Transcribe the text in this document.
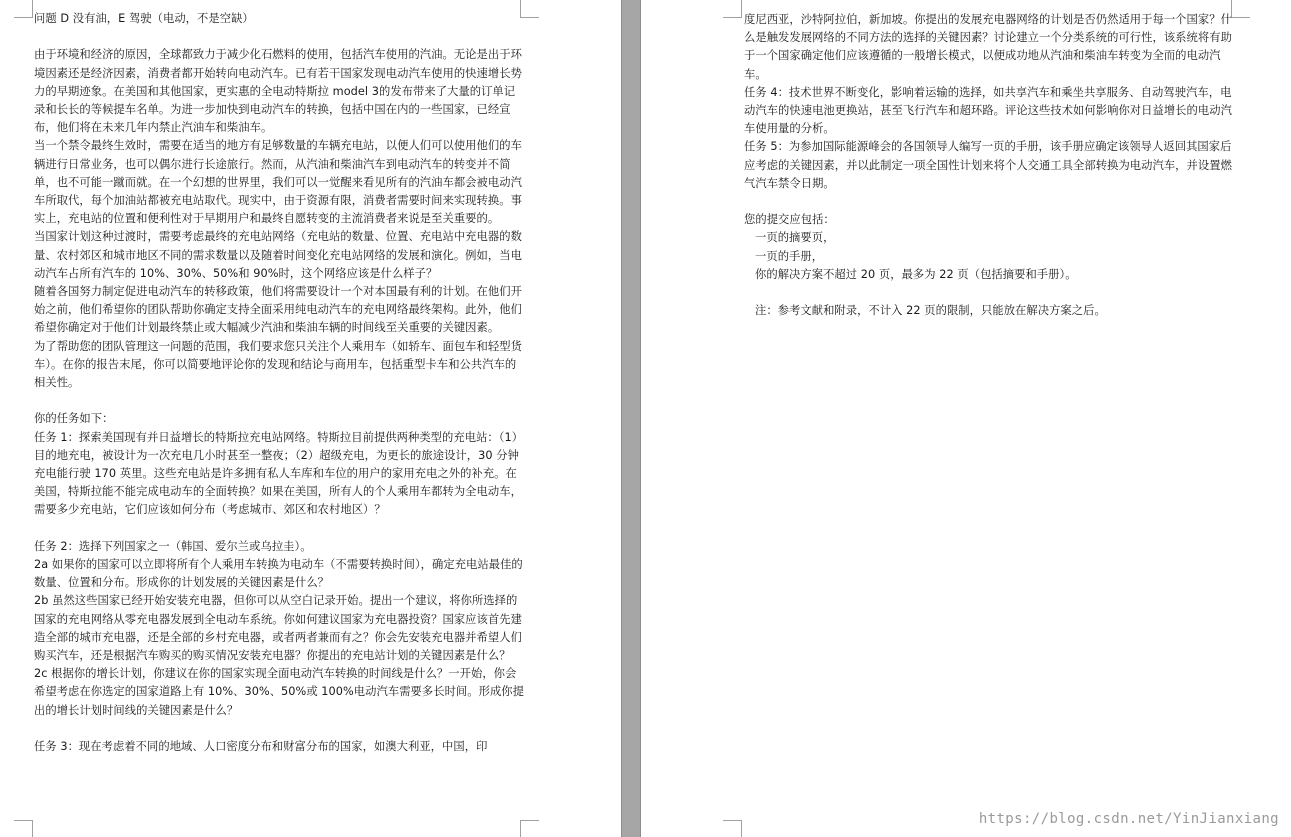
问题 D 没有油，E 驾驶（电动，不是空缺）

由于环境和经济的原因，全球都致力于减少化石燃料的使用，包括汽车使用的汽油。无论是出于环境因素还是经济因素，消费者都开始转向电动汽车。已有若干国家发现电动汽车使用的快速增长势力的早期迹象。在美国和其他国家，更实惠的全电动特斯拉 model 3的发布带来了大量的订单记录和长长的等候提车名单。为进一步加快到电动汽车的转换，包括中国在内的一些国家，已经宣布，他们将在未来几年内禁止汽油车和柴油车。

当一个禁令最终生效时，需要在适当的地方有足够数量的车辆充电站，以便人们可以使用他们的车辆进行日常业务，也可以偶尔进行长途旅行。然而，从汽油和柴油汽车到电动汽车的转变并不简单，也不可能一蹴而就。在一个幻想的世界里，我们可以一觉醒来看见所有的汽油车都会被电动汽车所取代，每个加油站都被充电站取代。现实中，由于资源有限，消费者需要时间来实现转换。事实上，充电站的位置和便利性对于早期用户和最终自愿转变的主流消费者来说是至关重要的。

当国家计划这种过渡时，需要考虑最终的充电站网络（充电站的数量、位置、充电站中充电器的数量、农村郊区和城市地区不同的需求数量以及随着时间变化充电站网络的发展和演化。例如，当电动汽车占所有汽车的 10%、30%、50%和 90%时，这个网络应该是什么样子？

随着各国努力制定促进电动汽车的转移政策，他们将需要设计一个对本国最有利的计划。在他们开始之前，他们希望你的团队帮助你确定支持全面采用纯电动汽车的充电网络最终架构。此外，他们希望你确定对于他们计划最终禁止或大幅减少汽油和柴油车辆的时间线至关重要的关键因素。

为了帮助您的团队管理这一问题的范围，我们要求您只关注个人乘用车（如轿车、面包车和轻型货车）。在你的报告末尾，你可以简要地评论你的发现和结论与商用车，包括重型卡车和公共汽车的相关性。

你的任务如下：

任务 1：探索美国现有并日益增长的特斯拉充电站网络。特斯拉目前提供两种类型的充电站：（1）目的地充电，被设计为一次充电几小时甚至一整夜；（2）超级充电，为更长的旅途设计，30 分钟充电能行驶 170 英里。这些充电站是许多拥有私人车库和车位的用户的家用充电之外的补充。在美国，特斯拉能不能完成电动车的全面转换？如果在美国，所有人的个人乘用车都转为全电动车，需要多少充电站，它们应该如何分布（考虑城市、郊区和农村地区）？

任务 2：选择下列国家之一（韩国、爱尔兰或乌拉圭）。

2a 如果你的国家可以立即将所有个人乘用车转换为电动车（不需要转换时间），确定充电站最佳的数量、位置和分布。形成你的计划发展的关键因素是什么？

2b 虽然这些国家已经开始安装充电器，但你可以从空白记录开始。提出一个建议，将你所选择的国家的充电网络从零充电器发展到全电动车系统。你如何建议国家为充电器投资？国家应该首先建造全部的城市充电器，还是全部的乡村充电器，或者两者兼而有之？你会先安装充电器并希望人们购买汽车，还是根据汽车购买的购买情况安装充电器？你提出的充电站计划的关键因素是什么？

2c 根据你的增长计划，你建议在你的国家实现全面电动汽车转换的时间线是什么？一开始，你会希望考虑在你选定的国家道路上有 10%、30%、50%或 100%电动汽车需要多长时间。形成你提出的增长计划时间线的关键因素是什么？

任务 3：现在考虑着不同的地域、人口密度分布和财富分布的国家，如澳大利亚，中国，印

度尼西亚，沙特阿拉伯，新加坡。你提出的发展充电器网络的计划是否仍然适用于每一个国家？什么是触发发展网络的不同方法的选择的关键因素？讨论建立一个分类系统的可行性，该系统将有助于一个国家确定他们应该遵循的一般增长模式，以便成功地从汽油和柴油车转变为全而的电动汽车。

任务 4：技术世界不断变化，影响着运输的选择，如共享汽车和乘坐共享服务、自动驾驶汽车，电动汽车的快速电池更换站，甚至飞行汽车和超环路。评论这些技术如何影响你对日益增长的电动汽车使用量的分析。

任务 5：为参加国际能源峰会的各国领导人编写一页的手册，该手册应确定该领导人返回其国家后应考虑的关键因素，并以此制定一项全国性计划来将个人交通工具全部转换为电动汽车，并设置燃气汽车禁令日期。

您的提交应包括：

一页的摘要页，

一页的手册，

你的解决方案不超过 20 页，最多为 22 页（包括摘要和手册）。

注：参考文献和附录，不计入 22 页的限制，只能放在解决方案之后。

https://blog.csdn.net/YinJianxiang
